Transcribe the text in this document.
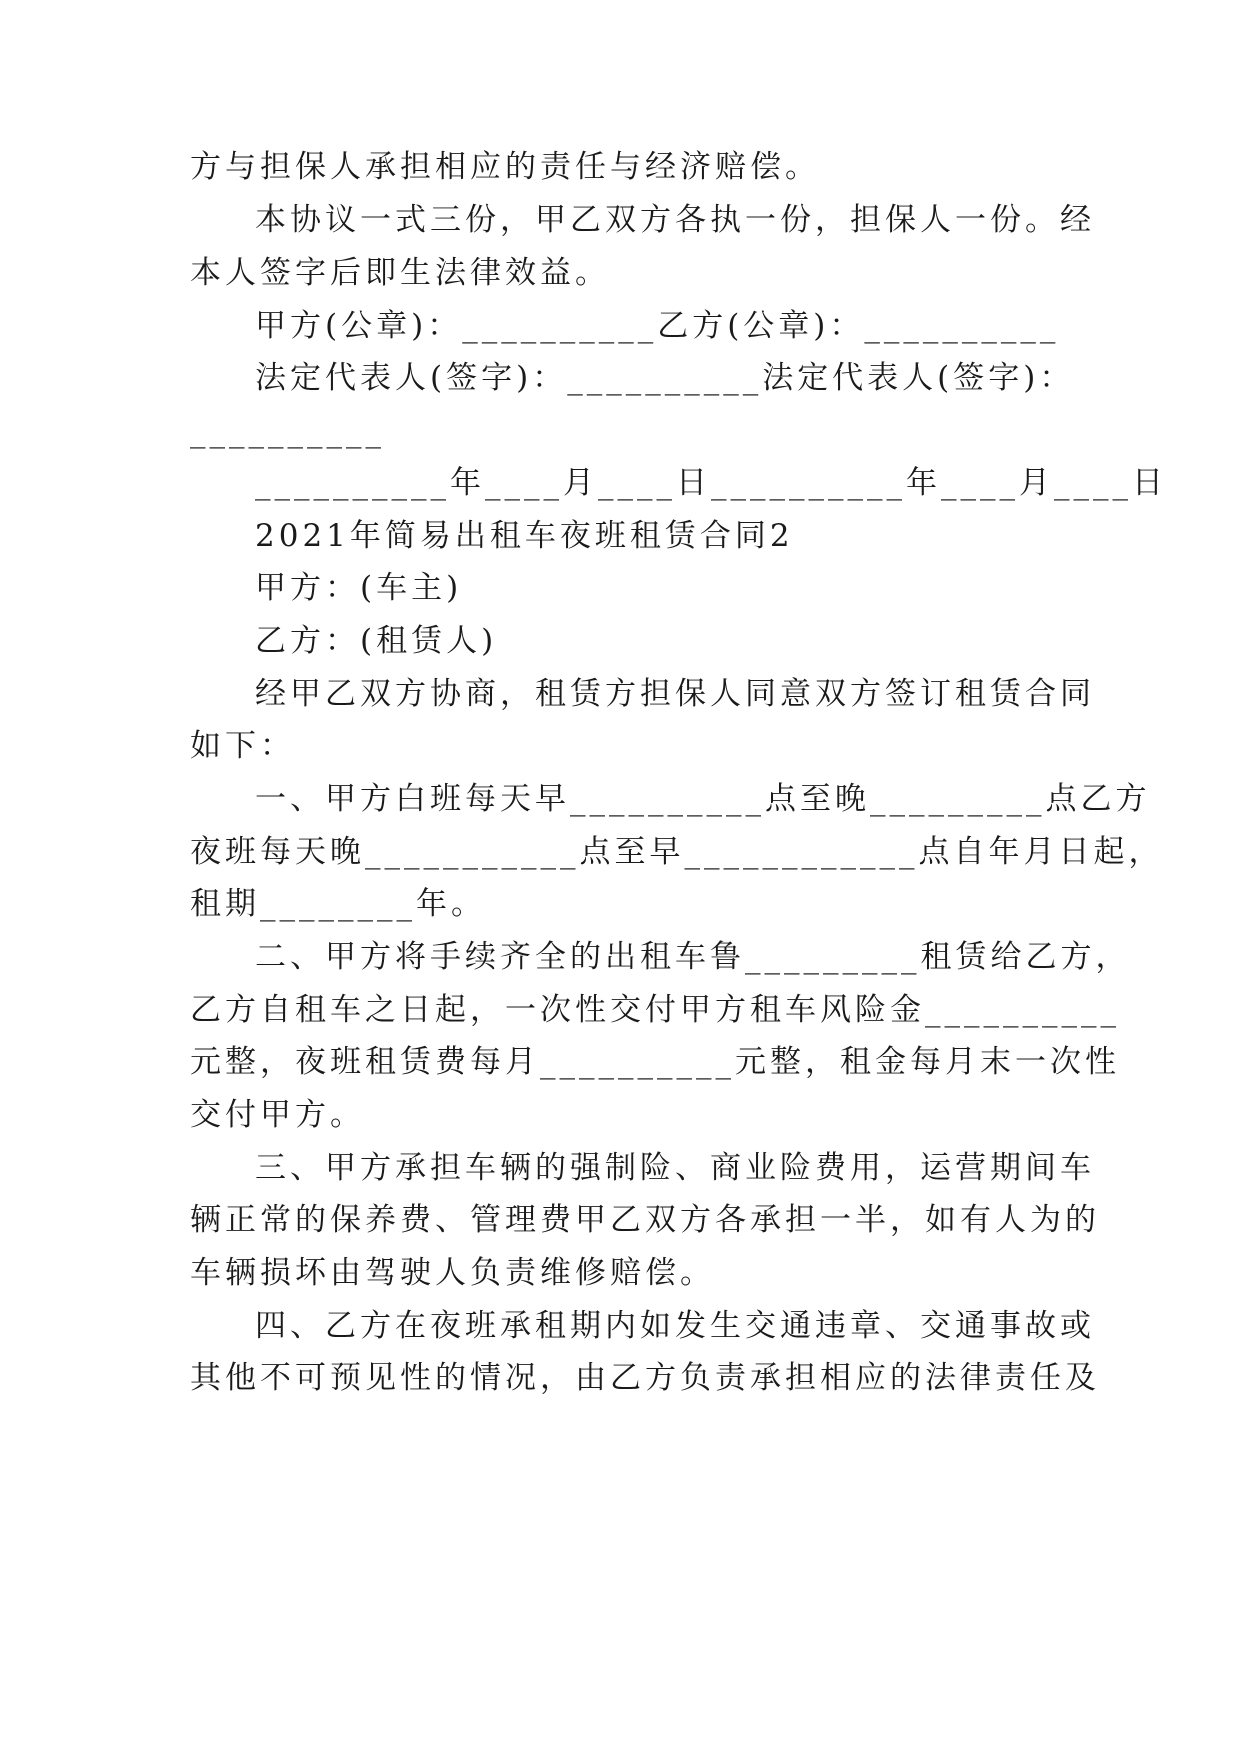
方与担保人承担相应的责任与经济赔偿。
本协议一式三份，甲乙双方各执一份，担保人一份。经
本人签字后即生法律效益。
甲方(公章)：__________乙方(公章)：__________
法定代表人(签字)：__________法定代表人(签字)：
__________
__________年____月____日__________年____月____日
2021年简易出租车夜班租赁合同2
甲方：(车主)
乙方：(租赁人)
经甲乙双方协商，租赁方担保人同意双方签订租赁合同
如下：
一、甲方白班每天早__________点至晚_________点乙方
夜班每天晚___________点至早____________点自年月日起，
租期________年。
二、甲方将手续齐全的出租车鲁_________租赁给乙方，
乙方自租车之日起，一次性交付甲方租车风险金__________
元整，夜班租赁费每月__________元整，租金每月末一次性
交付甲方。
三、甲方承担车辆的强制险、商业险费用，运营期间车
辆正常的保养费、管理费甲乙双方各承担一半，如有人为的
车辆损坏由驾驶人负责维修赔偿。
四、乙方在夜班承租期内如发生交通违章、交通事故或
其他不可预见性的情况，由乙方负责承担相应的法律责任及
